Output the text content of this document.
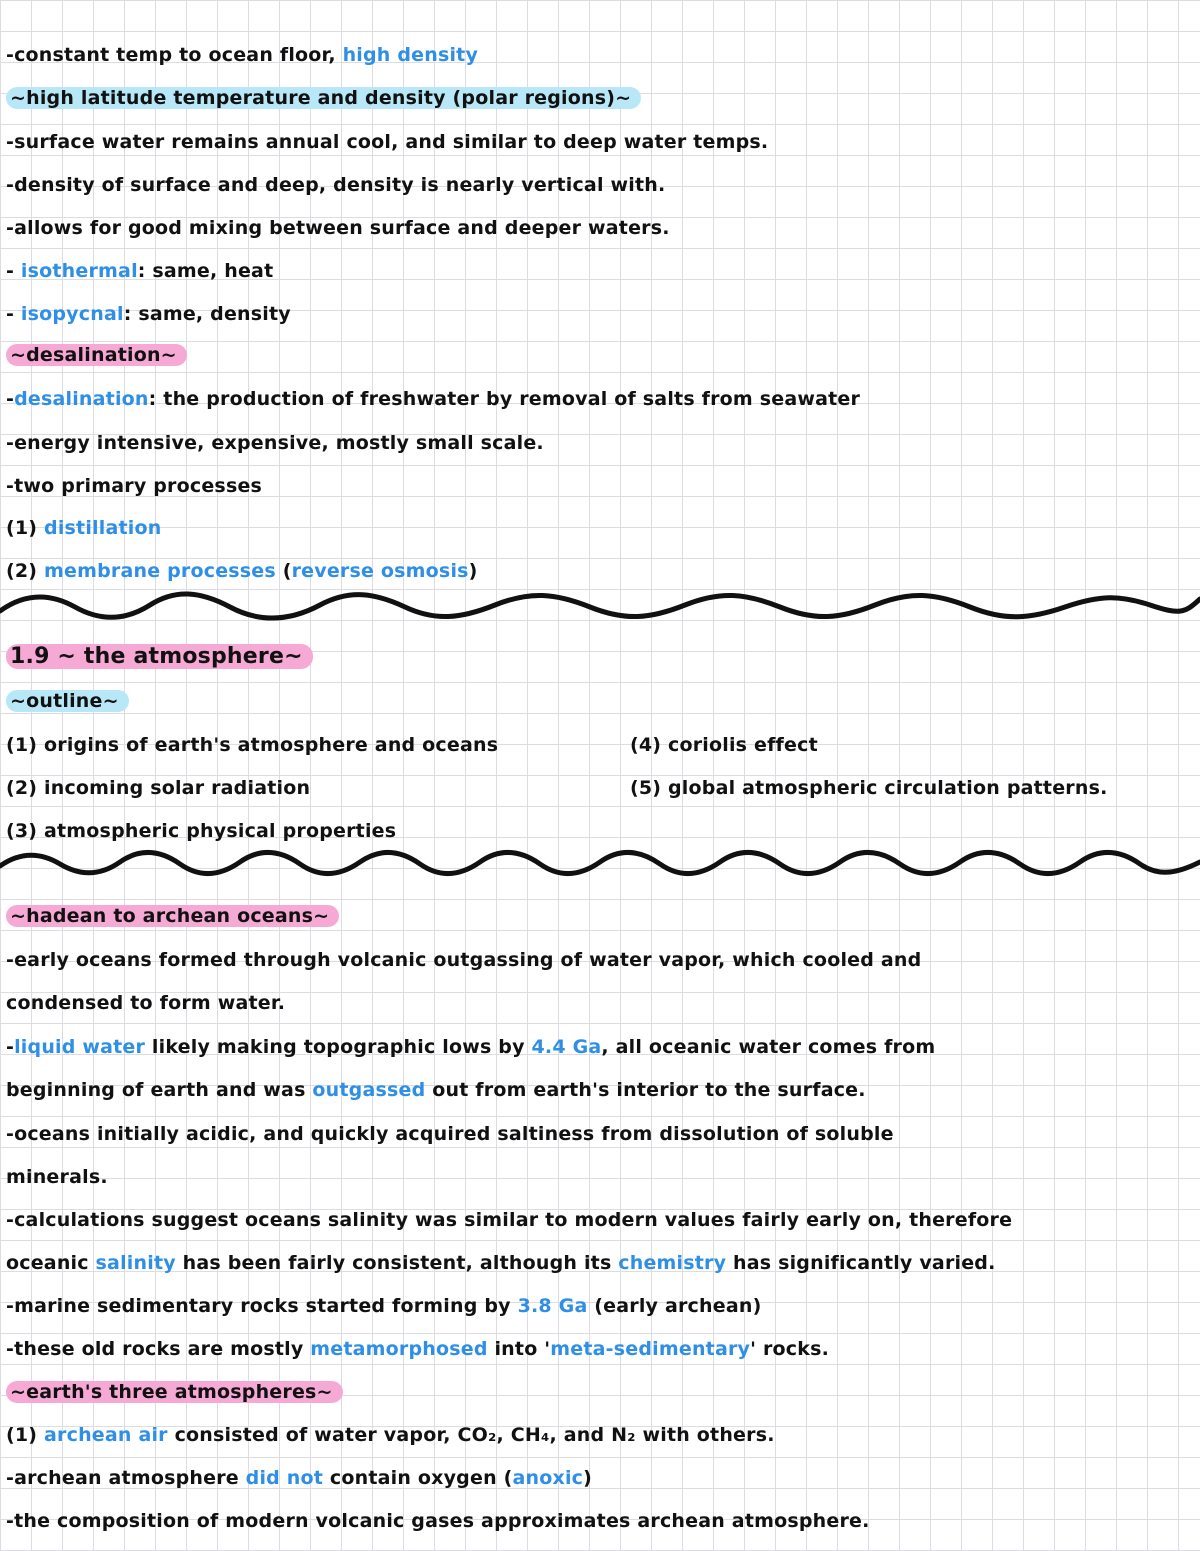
-constant temp to ocean floor, high density
~high latitude temperature and density (polar regions)~
-surface water remains annual cool, and similar to deep water temps.
-density of surface and deep, density is nearly vertical with.
-allows for good mixing between surface and deeper waters.
- isothermal: same, heat
- isopycnal: same, density
~desalination~
-desalination: the production of freshwater by removal of salts from seawater
-energy intensive, expensive, mostly small scale.
-two primary processes
(1) distillation
(2) membrane processes (reverse osmosis)
1.9 ~ the atmosphere~
~outline~
(1) origins of earth's atmosphere and oceans
(2) incoming solar radiation
(3) atmospheric physical properties
(4) coriolis effect
(5) global atmospheric circulation patterns.
~hadean to archean oceans~
-early oceans formed through volcanic outgassing of water vapor, which cooled and
condensed to form water.
-liquid water likely making topographic lows by 4.4 Ga, all oceanic water comes from
beginning of earth and was outgassed out from earth's interior to the surface.
-oceans initially acidic, and quickly acquired saltiness from dissolution of soluble
minerals.
-calculations suggest oceans salinity was similar to modern values fairly early on, therefore
oceanic salinity has been fairly consistent, although its chemistry has significantly varied.
-marine sedimentary rocks started forming by 3.8 Ga (early archean)
-these old rocks are mostly metamorphosed into 'meta-sedimentary' rocks.
~earth's three atmospheres~
(1) archean air consisted of water vapor, CO₂, CH₄, and N₂ with others.
-archean atmosphere did not contain oxygen (anoxic)
-the composition of modern volcanic gases approximates archean atmosphere.
